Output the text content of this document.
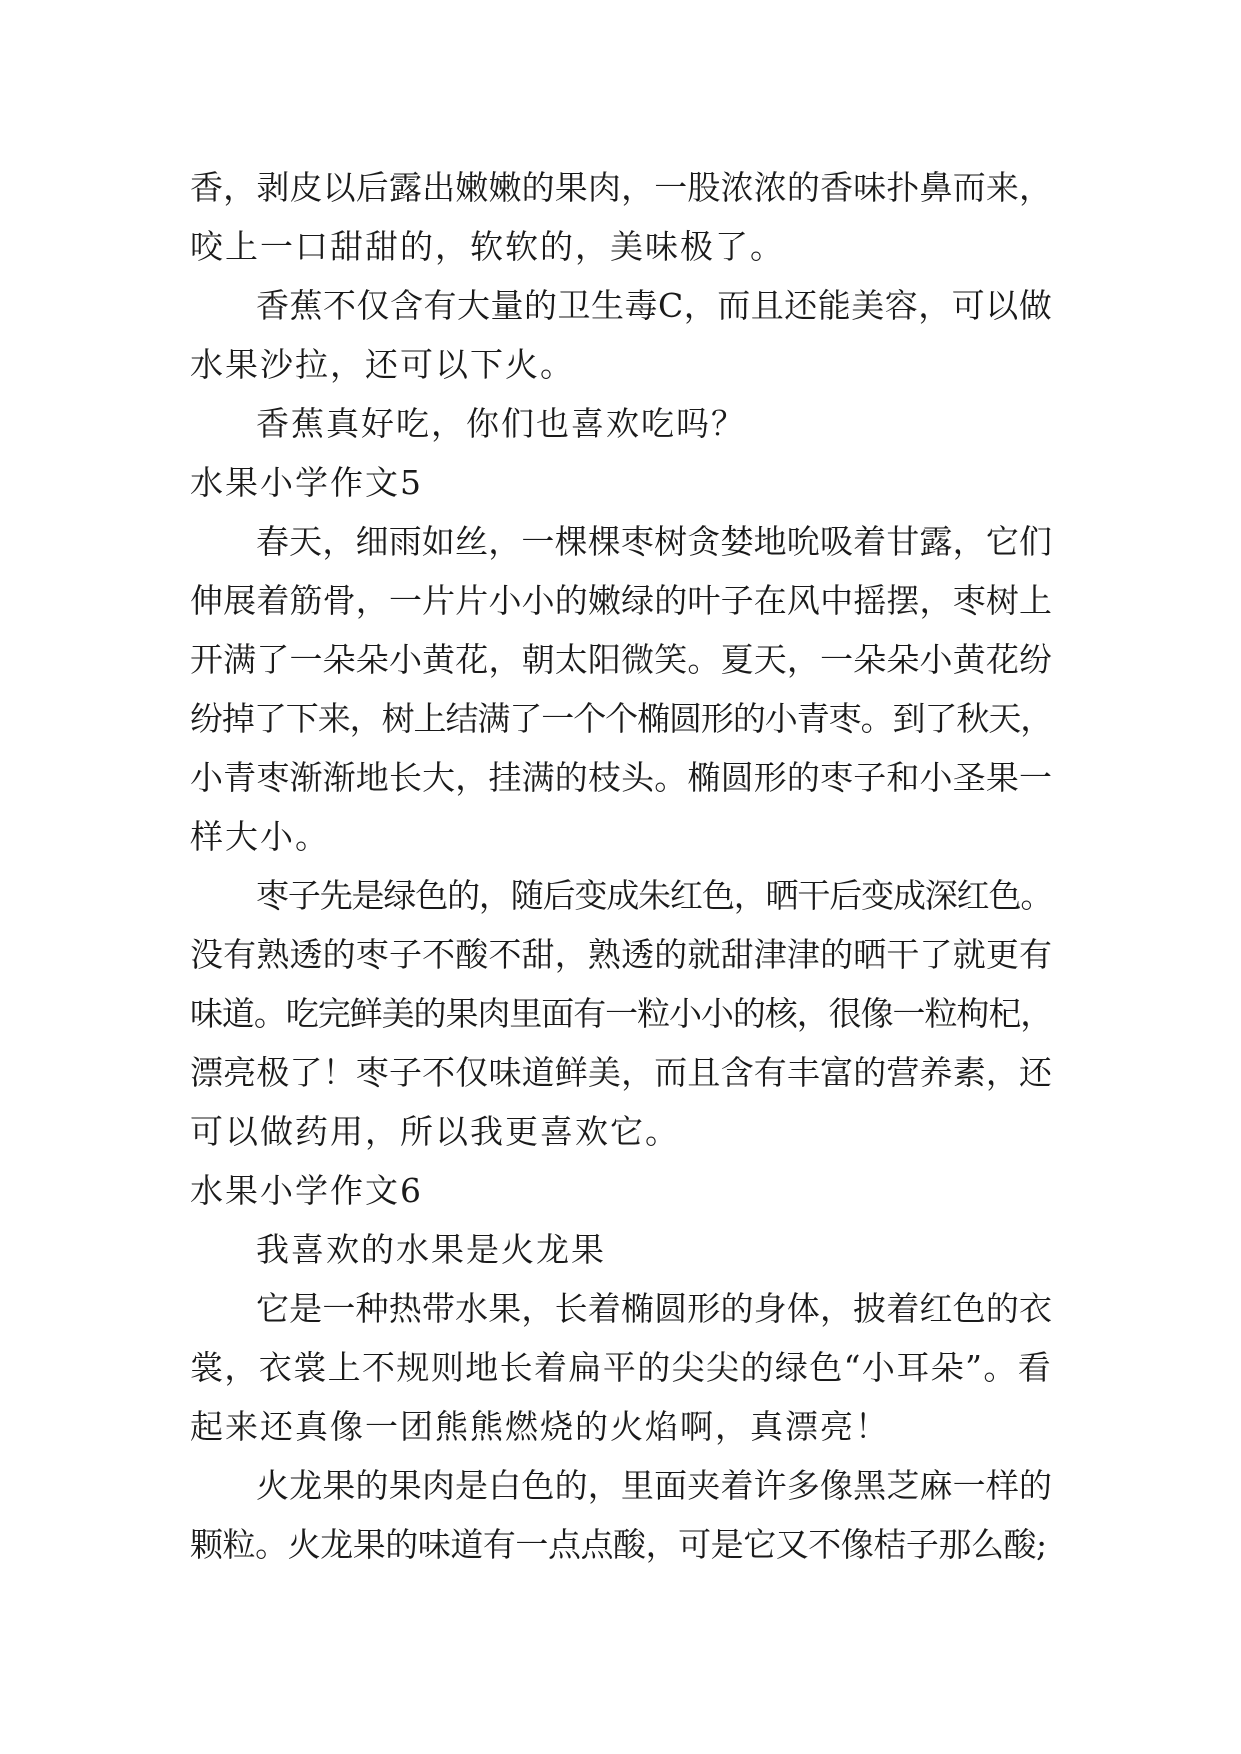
香，剥皮以后露出嫩嫩的果肉，一股浓浓的香味扑鼻而来，
咬上一口甜甜的，软软的，美味极了。
香蕉不仅含有大量的卫生毒C，而且还能美容，可以做
水果沙拉，还可以下火。
香蕉真好吃，你们也喜欢吃吗？
水果小学作文5
春天，细雨如丝，一棵棵枣树贪婪地吮吸着甘露，它们
伸展着筋骨，一片片小小的嫩绿的叶子在风中摇摆，枣树上
开满了一朵朵小黄花，朝太阳微笑。夏天，一朵朵小黄花纷
纷掉了下来，树上结满了一个个椭圆形的小青枣。到了秋天，
小青枣渐渐地长大，挂满的枝头。椭圆形的枣子和小圣果一
样大小。
枣子先是绿色的，随后变成朱红色，晒干后变成深红色。
没有熟透的枣子不酸不甜，熟透的就甜津津的晒干了就更有
味道。吃完鲜美的果肉里面有一粒小小的核，很像一粒枸杞，
漂亮极了！枣子不仅味道鲜美，而且含有丰富的营养素，还
可以做药用，所以我更喜欢它。
水果小学作文6
我喜欢的水果是火龙果
它是一种热带水果，长着椭圆形的身体，披着红色的衣
裳，衣裳上不规则地长着扁平的尖尖的绿色“小耳朵”。看
起来还真像一团熊熊燃烧的火焰啊，真漂亮！
火龙果的果肉是白色的，里面夹着许多像黑芝麻一样的
颗粒。火龙果的味道有一点点酸，可是它又不像桔子那么酸;
